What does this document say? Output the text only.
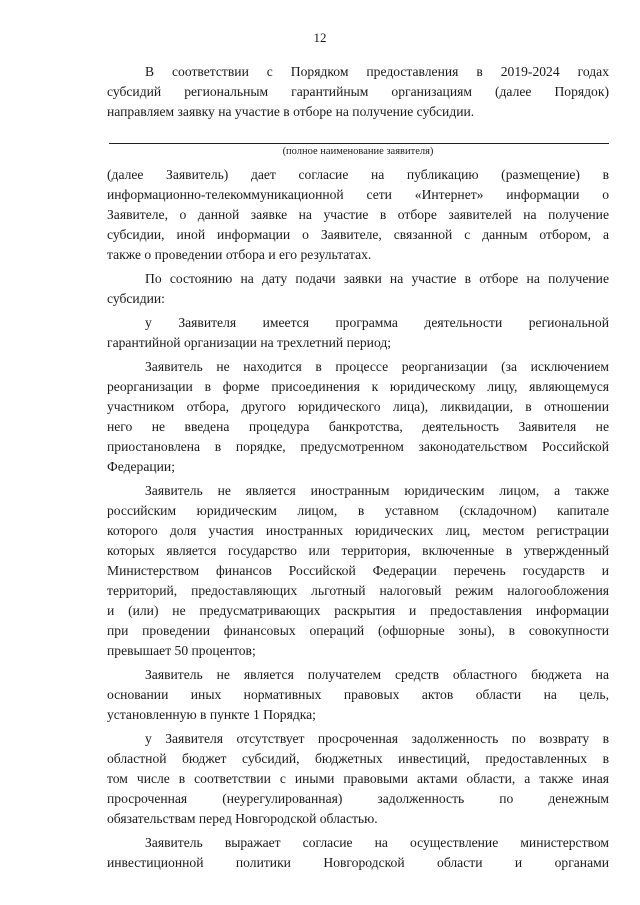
12
В соответствии с Порядком предоставления в 2019-2024 годах
субсидий региональным гарантийным организациям (далее Порядок)
направляем заявку на участие в отборе на получение субсидии.
(полное наименование заявителя)
(далее Заявитель) дает согласие на публикацию (размещение) в
информационно-телекоммуникационной сети «Интернет» информации о
Заявителе, о данной заявке на участие в отборе заявителей на получение
субсидии, иной информации о Заявителе, связанной с данным отбором, а
также о проведении отбора и его результатах.
По состоянию на дату подачи заявки на участие в отборе на получение
субсидии:
у Заявителя имеется программа деятельности региональной
гарантийной организации на трехлетний период;
Заявитель не находится в процессе реорганизации (за исключением
реорганизации в форме присоединения к юридическому лицу, являющемуся
участником отбора, другого юридического лица), ликвидации, в отношении
него не введена процедура банкротства, деятельность Заявителя не
приостановлена в порядке, предусмотренном законодательством Российской
Федерации;
Заявитель не является иностранным юридическим лицом, а также
российским юридическим лицом, в уставном (складочном) капитале
которого доля участия иностранных юридических лиц, местом регистрации
которых является государство или территория, включенные в утвержденный
Министерством финансов Российской Федерации перечень государств и
территорий, предоставляющих льготный налоговый режим налогообложения
и (или) не предусматривающих раскрытия и предоставления информации
при проведении финансовых операций (офшорные зоны), в совокупности
превышает 50 процентов;
Заявитель не является получателем средств областного бюджета на
основании иных нормативных правовых актов области на цель,
установленную в пункте 1 Порядка;
у Заявителя отсутствует просроченная задолженность по возврату в
областной бюджет субсидий, бюджетных инвестиций, предоставленных в
том числе в соответствии с иными правовыми актами области, а также иная
просроченная (неурегулированная) задолженность по денежным
обязательствам перед Новгородской областью.
Заявитель выражает согласие на осуществление министерством
инвестиционной политики Новгородской области и органами
